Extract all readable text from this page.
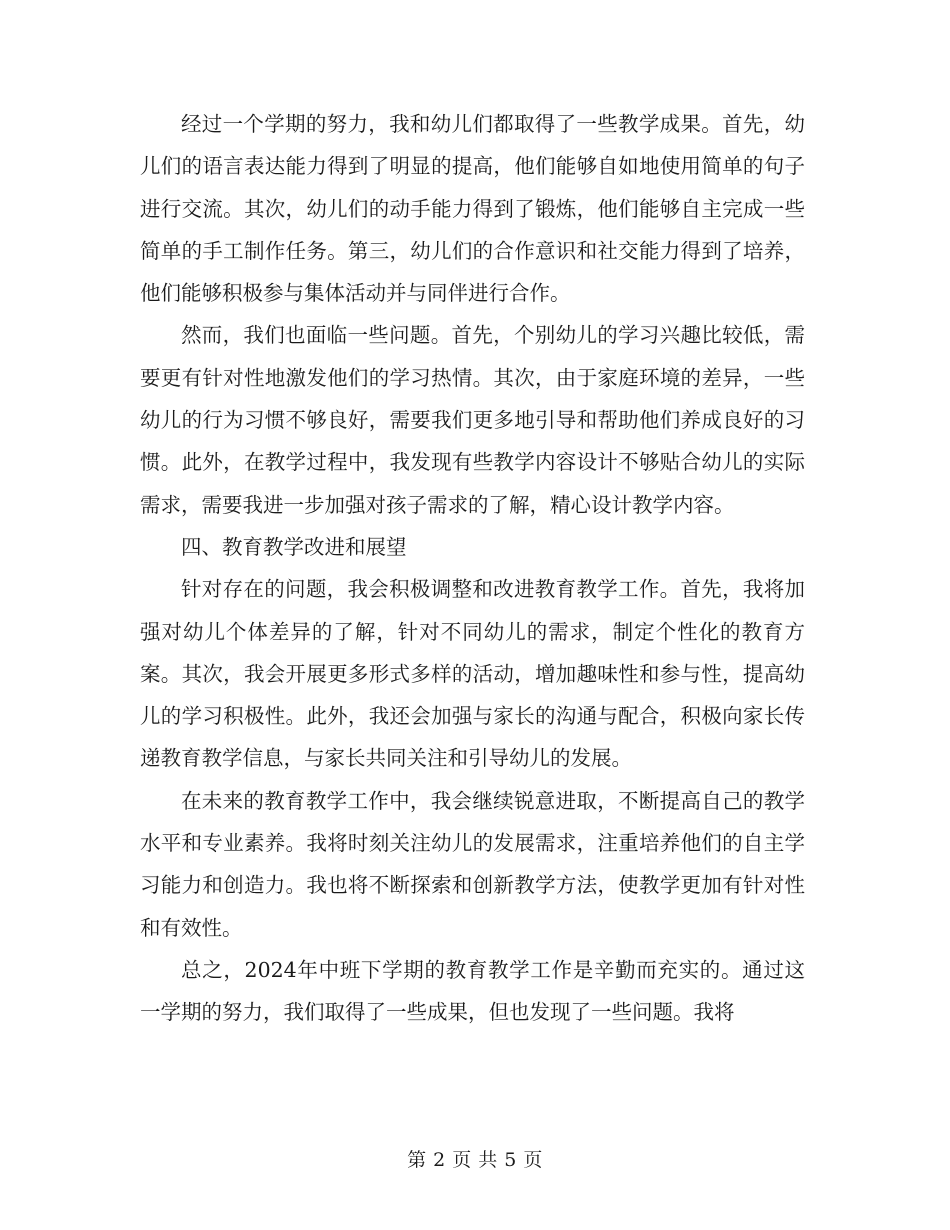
经过一个学期的努力，我和幼儿们都取得了一些教学成果。首先，幼儿们的语言表达能力得到了明显的提高，他们能够自如地使用简单的句子进行交流。其次，幼儿们的动手能力得到了锻炼，他们能够自主完成一些简单的手工制作任务。第三，幼儿们的合作意识和社交能力得到了培养，他们能够积极参与集体活动并与同伴进行合作。

然而，我们也面临一些问题。首先，个别幼儿的学习兴趣比较低，需要更有针对性地激发他们的学习热情。其次，由于家庭环境的差异，一些幼儿的行为习惯不够良好，需要我们更多地引导和帮助他们养成良好的习惯。此外，在教学过程中，我发现有些教学内容设计不够贴合幼儿的实际需求，需要我进一步加强对孩子需求的了解，精心设计教学内容。

四、教育教学改进和展望

针对存在的问题，我会积极调整和改进教育教学工作。首先，我将加强对幼儿个体差异的了解，针对不同幼儿的需求，制定个性化的教育方案。其次，我会开展更多形式多样的活动，增加趣味性和参与性，提高幼儿的学习积极性。此外，我还会加强与家长的沟通与配合，积极向家长传递教育教学信息，与家长共同关注和引导幼儿的发展。

在未来的教育教学工作中，我会继续锐意进取，不断提高自己的教学水平和专业素养。我将时刻关注幼儿的发展需求，注重培养他们的自主学习能力和创造力。我也将不断探索和创新教学方法，使教学更加有针对性和有效性。

总之，2024年中班下学期的教育教学工作是辛勤而充实的。通过这一学期的努力，我们取得了一些成果，但也发现了一些问题。我将

第 2 页 共 5 页
